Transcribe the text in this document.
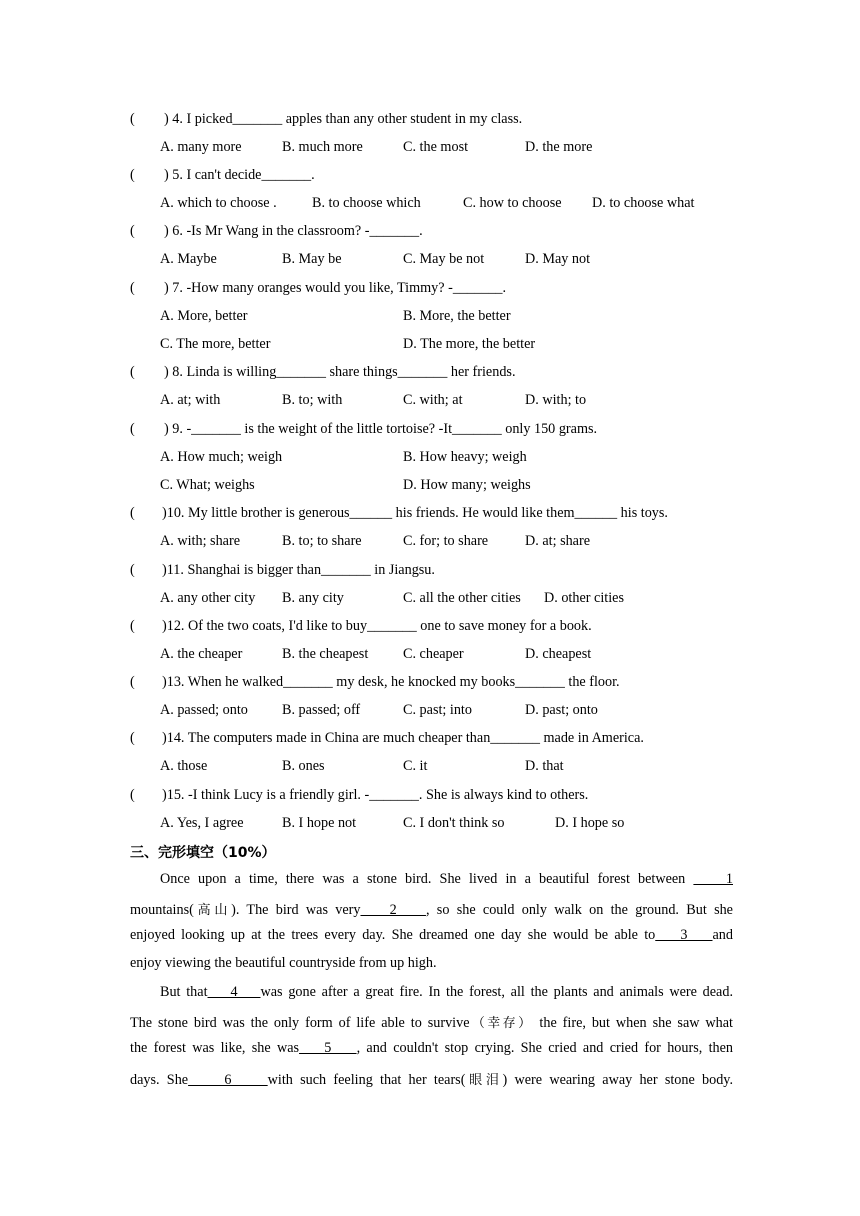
( ) 4. I picked_______ apples than any other student in my class.
A. many more	B. much more	C. the most	D. the more
( ) 5. I can't decide_______.
A. which to choose . B. to choose which	C. how to choose D. to choose what
( ) 6. -Is Mr Wang in the classroom? -_______.
A. Maybe	B. May be	C. May be not	D. May not
( ) 7. -How many oranges would you like, Timmy? -_______.
A. More, better	B. More, the better
C. The more, better	D. The more, the better
( ) 8. Linda is willing_______ share things_______ her friends.
A. at; with	B. to; with	C. with; at	D. with; to
( ) 9. -_______ is the weight of the little tortoise? -It_______ only 150 grams.
A. How much; weigh	B. How heavy; weigh
C. What; weighs	D. How many; weighs
( )10. My little brother is generous______ his friends. He would like them______ his toys.
A. with; share	B. to; to share	C. for; to share	D. at; share
( )11. Shanghai is bigger than_______ in Jiangsu.
A. any other city B. any city	C. all the other cities D. other cities
( )12. Of the two coats, I'd like to buy_______ one to save money for a book.
A. the cheaper	B. the cheapest C. cheaper	D. cheapest
( )13. When he walked_______ my desk, he knocked my books_______ the floor.
A. passed; onto B. passed; off	C. past; into	D. past; onto
( )14. The computers made in China are much cheaper than_______ made in America.
A. those	B. ones	C. it	D. that
( )15. -I think Lucy is a friendly girl. -_______. She is always kind to others.
A. Yes, I agree	B. I hope not	C. I don't think so	D. I hope so
三、完形填空（10%）
Once upon a time, there was a stone bird. She lived in a beautiful forest between     1
mountains(高山). The bird was very    2    , so she could only walk on the ground. But she
enjoyed looking up at the trees every day. She dreamed one day she would be able to    3    and
enjoy viewing the beautiful countryside from up high.
But that    4    was gone after a great fire. In the forest, all the plants and animals were dead.
The stone bird was the only form of life able to survive（幸存） the fire, but when she saw what
the forest was like, she was    5    , and couldn't stop crying. She cried and cried for hours, then
days. She     6     with such feeling that her tears(眼泪) were wearing away her stone body.
